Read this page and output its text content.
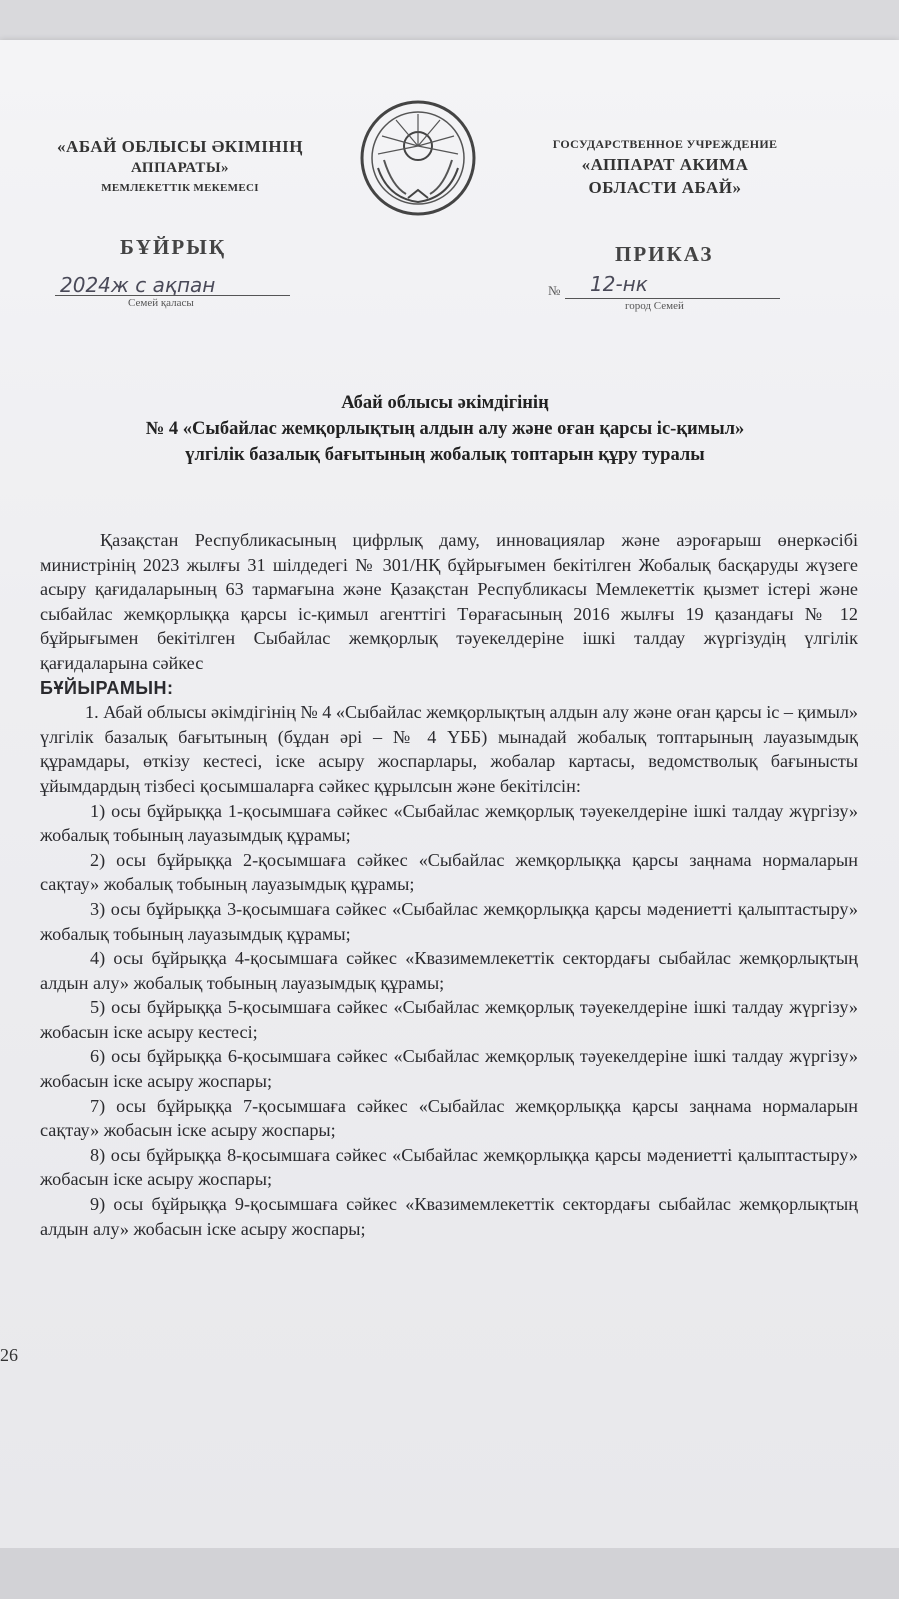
«АБАЙ ОБЛЫСЫ ӘКІМІНІҢ
АППАРАТЫ»
МЕМЛЕКЕТТІК МЕКЕМЕСІ
ГОСУДАРСТВЕННОЕ УЧРЕЖДЕНИЕ
«АППАРАТ АКИМА
ОБЛАСТИ АБАЙ»
БҰЙРЫҚ	ПРИКАЗ
2024ж с ақпан
Семей қаласы
№ 12-нк
город Семей
Абай облысы әкімдігінің
№ 4 «Сыбайлас жемқорлықтың алдын алу және оған қарсы іс-қимыл»
үлгілік базалық бағытының жобалық топтарын құру туралы

Қазақстан Республикасының цифрлық даму, инновациялар және аэроғарыш өнеркәсібі министрінің 2023 жылғы 31 шілдедегі № 301/НҚ бұйрығымен бекітілген Жобалық басқаруды жүзеге асыру қағидаларының 63 тармағына және Қазақстан Республикасы Мемлекеттік қызмет істері және сыбайлас жемқорлыққа қарсы іс-қимыл агенттігі Төрағасының 2016 жылғы 19 қазандағы № 12 бұйрығымен бекітілген Сыбайлас жемқорлық тәуекелдеріне ішкі талдау жүргізудің үлгілік қағидаларына сәйкес

БҰЙЫРАМЫН:

1. Абай облысы әкімдігінің № 4 «Сыбайлас жемқорлықтың алдын алу және оған қарсы іс – қимыл» үлгілік базалық бағытының (бұдан әрі – № 4 ҮББ) мынадай жобалық топтарының лауазымдық құрамдары, өткізу кестесі, іске асыру жоспарлары, жобалар картасы, ведомстволық бағынысты ұйымдардың тізбесі қосымшаларға сәйкес құрылсын және бекітілсін:

1) осы бұйрыққа 1-қосымшаға сәйкес «Сыбайлас жемқорлық тәуекелдеріне ішкі талдау жүргізу» жобалық тобының лауазымдық құрамы;

2) осы бұйрыққа 2-қосымшаға сәйкес «Сыбайлас жемқорлыққа қарсы заңнама нормаларын сақтау» жобалық тобының лауазымдық құрамы;

3) осы бұйрыққа 3-қосымшаға сәйкес «Сыбайлас жемқорлыққа қарсы мәдениетті қалыптастыру» жобалық тобының лауазымдық құрамы;

4) осы бұйрыққа 4-қосымшаға сәйкес «Квазимемлекеттік сектордағы сыбайлас жемқорлықтың алдын алу» жобалық тобының лауазымдық құрамы;

5) осы бұйрыққа 5-қосымшаға сәйкес «Сыбайлас жемқорлық тәуекелдеріне ішкі талдау жүргізу» жобасын іске асыру кестесі;

6) осы бұйрыққа 6-қосымшаға сәйкес «Сыбайлас жемқорлық тәуекелдеріне ішкі талдау жүргізу» жобасын іске асыру жоспары;

7) осы бұйрыққа 7-қосымшаға сәйкес «Сыбайлас жемқорлыққа қарсы заңнама нормаларын сақтау» жобасын іске асыру жоспары;

8) осы бұйрыққа 8-қосымшаға сәйкес «Сыбайлас жемқорлыққа қарсы мәдениетті қалыптастыру» жобасын іске асыру жоспары;

9) осы бұйрыққа 9-қосымшаға сәйкес «Квазимемлекеттік сектордағы сыбайлас жемқорлықтың алдын алу» жобасын іске асыру жоспары;

26
